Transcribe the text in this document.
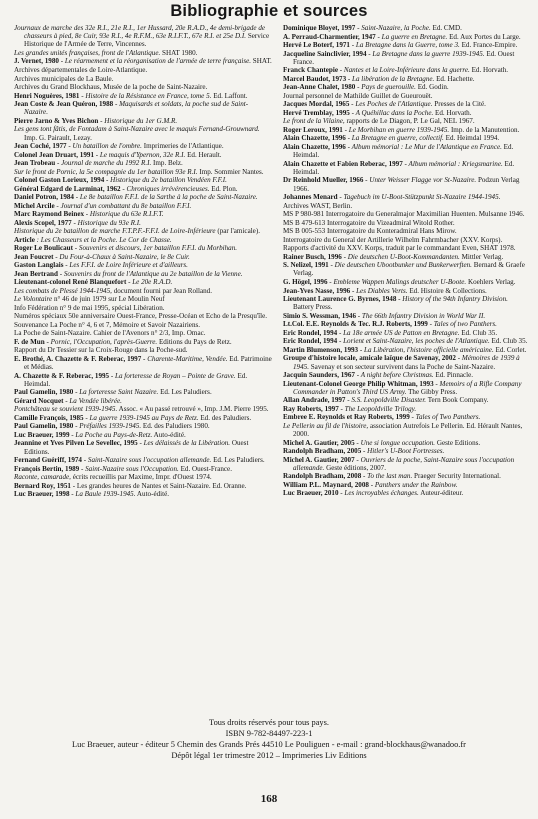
Bibliographie et sources
Journaux de marche des 32e R.I., 21e R.I., 1er Hussard, 20e R.A.D., 4e demi-brigade de chasseurs à pied, 8e Cuir, 93e R.I., 4e R.F.M., 63e R.I.F.T., 67e R.I. et 25e D.I. Service Historique de l'Armée de Terre, Vincennes.
Les grandes unités françaises, front de l'Atlantique. SHAT 1980.
J. Vernet, 1980 - Le réarmement et la réorganisation de l'armée de terre française. SHAT.
Archives départementales de Loire-Atlantique.
Archives municipales de La Baule.
Archives du Grand Blockhaus, Musée de la poche de Saint-Nazaire.
Henri Noguères, 1981 - Histoire de la Résistance en France, tome 5. Ed. Laffont.
Jean Coste & Jean Quéron, 1988 - Maquisards et soldats, la poche sud de Saint-Nazaire.
Pierre Jarno & Yves Bichon - Historique du 1er G.M.R.
Les gens tont fâtis, de Fontadam à Saint-Nazaire avec le maquis Fernand-Grouwnard. Imp. G. Pairault, Lezay.
Jean Coché, 1977 - Un bataillon de l'ombre. Imprimeries de l'Atlantique.
Colonel Jean Druart, 1991 - Le maquis d'Ypernon, 32e R.I. Ed. Herault.
Jean Trobeau - Journal de marche du 1992 R.I. Imp. Belz.
Sur le front de Pornic, la 5e compagnie du 1er bataillon 93e R.I. Imp. Sommier Nantes.
Colonel Gaston Lorieux, 1994 - Historique du 2e bataillon Vendéen F.F.I.
Général Edgard de Larminat, 1962 - Chroniques irrévérencieuses. Ed. Plon.
Daniel Potron, 1984 - Le 8e bataillon F.F.I. de la Sarthe à la poche de Saint-Nazaire.
Michel Arcile - Journal d'un combattant du 8e bataillon F.F.I.
Marc Raymond Beinex - Historique du 63e R.I.F.T.
Alexis Scopel, 1977 - Historique du 93e R.I.
Historique du 2e bataillon de marche F.T.P.F.-F.F.I. de Loire-Inférieure (par l'amicale).
Article : Les Chasseurs et la Poche. Le Cor de Chasse.
Roger Le Boulicaut - Souvenirs et discours, 1er bataillon F.F.I. du Morbihan.
Jean Foucret - Du Four-à-Chaux à Saint-Nazaire, le 8e Cuir.
Gaston Langlais - Les F.F.I. de Loire Inférieure et d'ailleurs.
Jean Bertrand - Souvenirs du front de l'Atlantique au 2e bataillon de la Vienne.
Lieutenant-colonel René Blanquefort - Le 20e R.A.D.
Les combats de Plessé 1944-1945, document fourni par Jean Rolland.
Le Volontaire n° 46 de juin 1979 sur Le Moulin Neuf
Info Fédération n° 9 de mai 1995, spécial Libération.
Numéros spéciaux 50e anniversaire Ouest-France, Presse-Océan et Echo de la Presqu'île.
Souvenance La Poche n° 4, 6 et 7, Mémoire et Savoir Nazairiens.
La Poche de Saint-Nazaire. Cahier de l'Avenors n° 2/3, Imp. Omac.
F. de Mun - Pornic, l'Occupation, l'après-Guerre. Editions du Pays de Retz.
Rapport du Dr Tessier sur la Croix-Rouge dans la Poche-sud.
E. Brothé, A. Chazette & F. Reberac, 1997 - Charente-Maritime, Vendée. Ed. Patrimoine et Médias.
A. Chazette & F. Reberac, 1995 - La forteresse de Royan – Pointe de Grave. Ed. Heimdal.
Paul Gamelin, 1980 - La forteresse Saint Nazaire. Ed. Les Paludiers.
Gérard Nocquet - La Vendée libérée.
Pontchâteau se souvient 1939-1945. Assoc. « Au passé retrouvé », Imp. J.M. Pierre 1995.
Camille François, 1985 - La guerre 1939-1945 au Pays de Retz. Ed. des Paludiers.
Paul Gamelin, 1980 - Préfailles 1939-1945. Ed. des Paludiers 1980.
Luc Braeuer, 1999 - La Poche au Pays-de-Retz. Auto-édité.
Jeannine et Yves Pilven Le Sevellec, 1995 - Les délaissés de la Libération. Ouest Editions.
Fernand Guériff, 1974 - Saint-Nazaire sous l'occupation allemande. Ed. Les Paludiers.
François Bertin, 1989 - Saint-Nazaire sous l'Occupation. Ed. Ouest-France.
Raconte, camarade, écrits recueillis par Maxime, Impr. d'Ouest 1974.
Bernard Roy, 1951 - Les grandes heures de Nantes et Saint-Nazaire. Ed. Oranne.
Luc Braeuer, 1998 - La Baule 1939-1945. Auto-édité.
Dominique Bloyet, 1997 - Saint-Nazaire, la Poche. Ed. CMD.
A. Perraud-Charmentier, 1947 - La guerre en Bretagne. Ed. Aux Portes du Large.
Hervé Le Boterf, 1971 - La Bretagne dans la Guerre, tome 3. Ed. France-Empire.
Jacqueline Sainclivier, 1994 - La Bretagne dans la guerre 1939-1945. Ed. Ouest France.
Franck Chantepie - Nantes et la Loire-Inférieure dans la guerre. Ed. Horvath.
Marcel Baudot, 1973 - La libération de la Bretagne. Ed. Hachette.
Jean-Anne Chalet, 1980 - Pays de guerouille. Ed. Godin.
Journal personnel de Mathilde Guillet de Gueurouët.
Jacques Mordal, 1965 - Les Poches de l'Atlantique. Presses de la Cité.
Hervé Tremblay, 1995 - A Quéhillac dans la Poche. Ed. Horvath.
Le front de la Vilaine, rapports de Le Diagon, P. Le Gal, NEL 1967.
Roger Leroux, 1991 - Le Morbihan en guerre 1939-1945. Imp. de la Manutention.
Alain Chazette, 1996 - La Bretagne en guerre, collectif. Ed. Heimdal 1994.
Alain Chazette, 1996 - Album mémorial : Le Mur de l'Atlantique en France. Ed. Heimdal.
Alain Chazette et Fabien Reberac, 1997 - Album mémorial : Kriegsmarine. Ed. Heimdal.
Dr Reinhold Mueller, 1966 - Unter Weisser Flagge vor St-Nazaire. Podzun Verlag 1966.
Johannes Menard - Tagebuch im U-Boot-Stützpunkt St-Nazaire 1944-1945.
Archives WAST, Berlin.
MS P 980-981 Interrogatoire du Generalmajor Maximilian Huenten. Mulsanne 1946.
MS B 479-613 Interrogatoire du Vizeadmiral Witold Rother.
MS B 005-553 Interrogatoire du Konteradmiral Hans Mirow.
Interrogatoire du General der Artillerie Wilhelm Fahrmbacher (XXV. Korps).
Rapports d'activité du XXV. Korps, traduit par le commandant Even, SHAT 1978.
Rainer Busch, 1996 - Die deutschen U-Boot-Kommandanten. Mittler Verlag.
S. Nelizel, 1991 - Die deutschen Ubootbunker und Bunkerwerften. Bernard & Graefe Verlag.
G. Högel, 1996 - Embleme Wappen Malings deutscher U-Boote. Koehlers Verlag.
Jean-Yves Nasse, 1996 - Les Diables Verts. Ed. Histoire & Collections.
Lieutenant Laurence G. Byrnes, 1948 - History of the 94th Infantry Division. Battery Press.
Simio S. Wessman, 1946 - The 66th Infantry Division in World War II.
Lt.Col. E.E. Reynolds & Tec. R.J. Roberts, 1999 - Tales of two Panthers.
Eric Rondel, 1994 - La 18e armée US de Patton en Bretagne. Ed. Club 35.
Eric Rondel, 1994 - Lorient et Saint-Nazaire, les poches de l'Atlantique. Ed. Club 35.
Martin Blumenson, 1993 - La Libération, l'histoire officielle américaine. Ed. Corlet.
Groupe d'histoire locale, amicale laïque de Savenay, 2002 - Mémoires de 1939 à 1945. Savenay et son secteur survivent dans la Poche de Saint-Nazaire.
Jacquin Saunders, 1967 - A night before Christmas. Ed. Pinnacle.
Lieutenant-Colonel George Philip Whitman, 1993 - Memoirs of a Rifle Company Commander in Patton's Third US Army. The Gibby Press.
Allan Andrade, 1997 - S.S. Leopoldville Disaster. Tern Book Company.
Ray Roberts, 1997 - The Leopoldville Trilogy.
Embree E. Reynolds et Ray Roberts, 1999 - Tales of Two Panthers.
Le Pellerin au fil de l'histoire, association Autrefois Le Pellerin. Ed. Hérault Nantes, 2000.
Michel A. Gautier, 2005 - Une si longue occupation. Geste Editions.
Randolph Bradham, 2005 - Hitler's U-Boot Fortresses.
Michel A. Gautier, 2007 - Ouvriers de la poche, Saint-Nazaire sous l'occupation allemande. Geste éditions, 2007.
Randolph Bradham, 2008 - To the last man. Praeger Security International.
William P.L. Maynard, 2008 - Panthers under the Rainbow.
Luc Braeuer, 2010 - Les incroyables échanges. Auteur-éditeur.
Tous droits réservés pour tous pays.
ISBN 9-782-84497-223-1
Luc Braeuer, auteur - éditeur 5 Chemin des Grands Prés 44510 Le Pouliguen - e-mail : grand-blockhaus@wanadoo.fr
Dépôt légal 1er trimestre 2012 – Imprimeries Liv Editions
168
